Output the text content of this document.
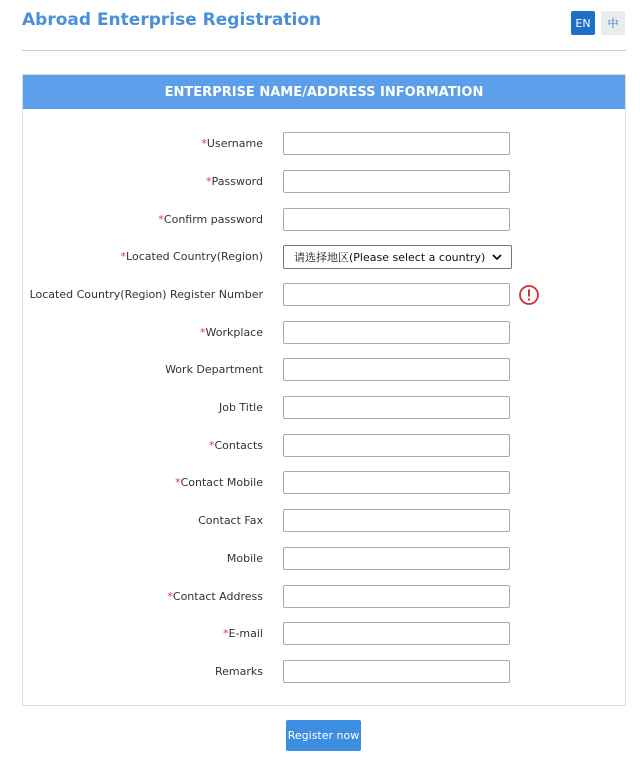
Abroad Enterprise Registration	EN	中
ENTERPRISE NAME/ADDRESS INFORMATION
*Username
*Password
*Confirm password
*Located Country(Region)	请选择地区(Please select a country)
Located Country(Region) Register Number
*Workplace
Work Department
Job Title
*Contacts
*Contact Mobile
Contact Fax
Mobile
*Contact Address
*E-mail
Remarks
Register now
